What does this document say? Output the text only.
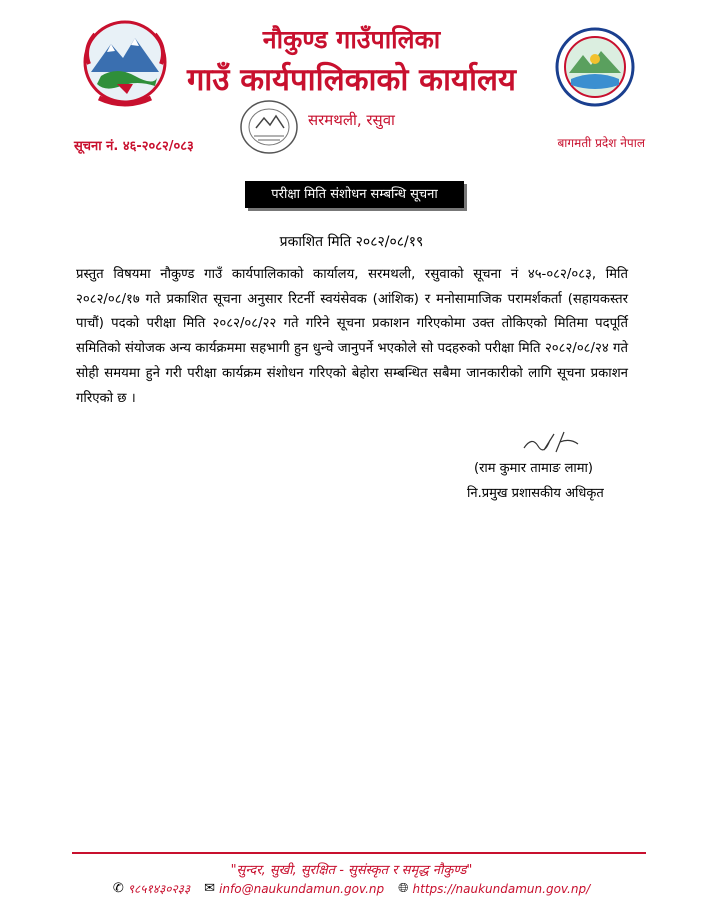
नौकुण्ड गाउँपालिका
गाउँ कार्यपालिकाको कार्यालय
सरमथली, रसुवा
सूचना नं. ४६-२०८२/०८३	बागमती प्रदेश नेपाल
परीक्षा मिति संशोधन सम्बन्धि सूचना
प्रकाशित मिति २०८२/०८/१९
प्रस्तुत विषयमा नौकुण्ड गाउँ कार्यपालिकाको कार्यालय, सरमथली, रसुवाको सूचना नं ४५-०८२/०८३, मिति २०८२/०८/१७ गते प्रकाशित सूचना अनुसार रिटर्नी स्वयंसेवक (आंशिक) र मनोसामाजिक परामर्शकर्ता (सहायकस्तर पाचौं) पदको परीक्षा मिति २०८२/०८/२२ गते गरिने सूचना प्रकाशन गरिएकोमा उक्त तोकिएको मितिमा पदपूर्ति समितिको संयोजक अन्य कार्यक्रममा सहभागी हुन धुन्चे जानुपर्ने भएकोले सो पदहरुको परीक्षा मिति २०८२/०८/२४ गते सोही समयमा हुने गरी परीक्षा कार्यक्रम संशोधन गरिएको बेहोरा सम्बन्धित सबैमा जानकारीको लागि सूचना प्रकाशन गरिएको छ ।
(राम कुमार तामाङ लामा)
नि.प्रमुख प्रशासकीय अधिकृत
"सुन्दर, सुखी, सुरक्षित - सुसंस्कृत र समृद्ध नौकुण्ड"
✆ ९८५१४३०२३३ ✉ info@naukundamun.gov.np 🌐︎ https://naukundamun.gov.np/
